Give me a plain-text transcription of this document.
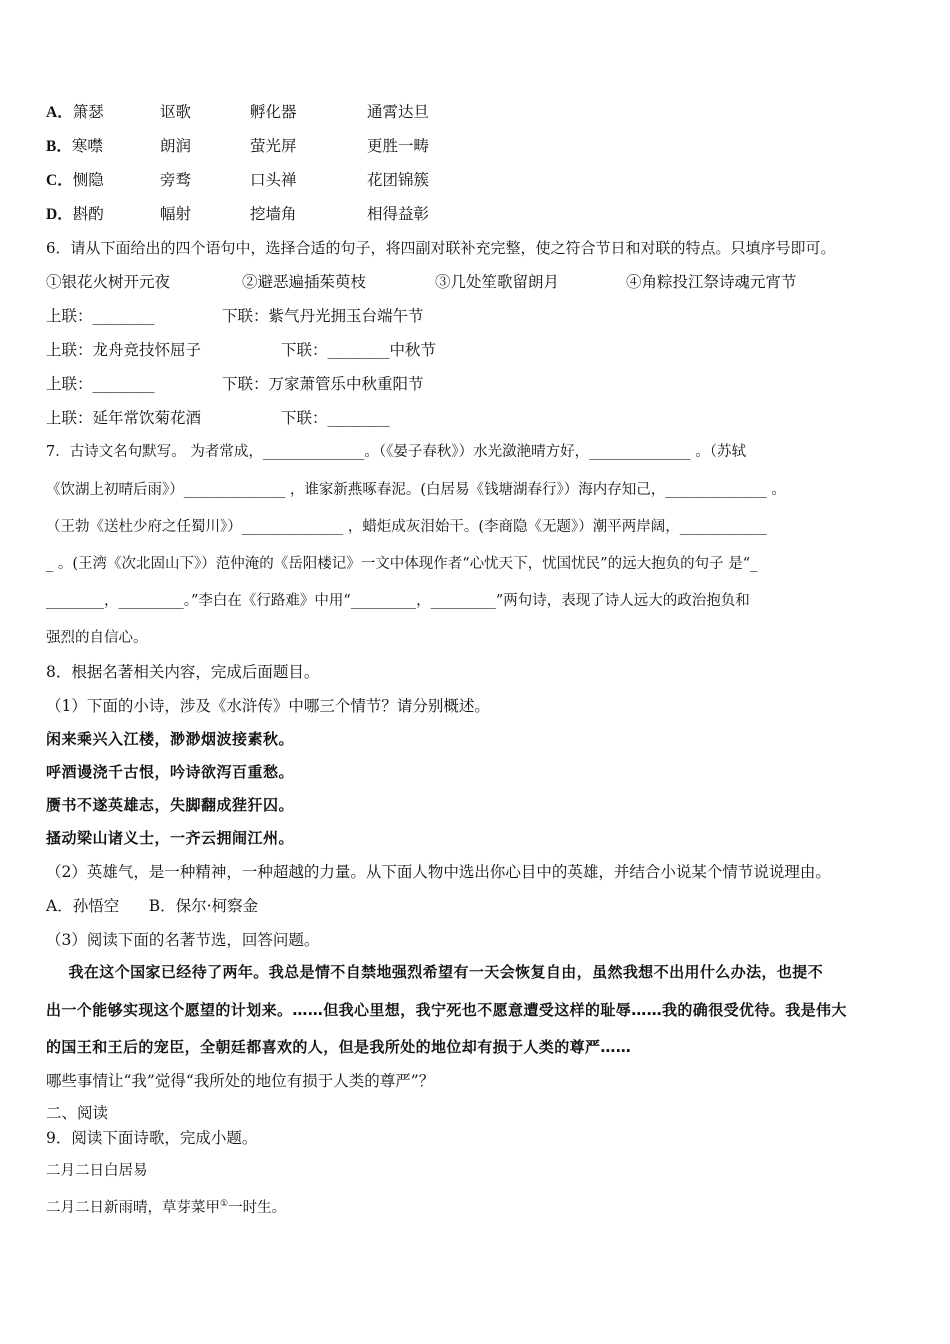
A．箫瑟	讴歌	孵化器	通霄达旦
B．寒噤	朗润	萤光屏	更胜一畴
C．恻隐	旁骛	口头禅	花团锦簇
D．斟酌	幅射	挖墙角	相得益彰
6．请从下面给出的四个语句中，选择合适的句子，将四副对联补充完整，使之符合节日和对联的特点。只填序号即可。
①银花火树开元夜	②避恶遍插茱萸枝	③几处笙歌留朗月	④角粽投江祭诗魂元宵节
上联：________	下联：紫气丹光拥玉台端午节
上联：龙舟竞技怀屈子	下联：________中秋节
上联：________	下联：万家萧管乐中秋重阳节
上联：延年常饮菊花酒	下联：________
7．古诗文名句默写。 为者常成，______________。（《晏子春秋》）水光潋滟晴方好，______________ 。（苏轼
《饮湖上初晴后雨》）______________ ，谁家新燕啄春泥。(白居易《钱塘湖春行》）海内存知己，______________ 。
（王勃《送杜少府之任蜀川》）______________ ，蜡炬成灰泪始干。(李商隐《无题》）潮平两岸阔，____________
_ 。(王湾《次北固山下》）范仲淹的《岳阳楼记》一文中体现作者“心忧天下，忧国忧民”的远大抱负的句子 是“_
________，_________。”李白在《行路难》中用“_________，_________”两句诗，表现了诗人远大的政治抱负和
强烈的自信心。
8．根据名著相关内容，完成后面题目。
（1）下面的小诗，涉及《水浒传》中哪三个情节？请分别概述。
闲来乘兴入江楼，渺渺烟波接素秋。
呼酒谩浇千古恨，吟诗欲泻百重愁。
赝书不遂英雄志，失脚翻成狴犴囚。
搔动梁山诸义士，一齐云拥闹江州。
（2）英雄气，是一种精神，一种超越的力量。从下面人物中选出你心目中的英雄，并结合小说某个情节说说理由。
A．孙悟空      B．保尔·柯察金
（3）阅读下面的名著节选，回答问题。
我在这个国家已经待了两年。我总是情不自禁地强烈希望有一天会恢复自由，虽然我想不出用什么办法，也提不
出一个能够实现这个愿望的计划来。……但我心里想，我宁死也不愿意遭受这样的耻辱……我的确很受优待。我是伟大
的国王和王后的宠臣，全朝廷都喜欢的人，但是我所处的地位却有损于人类的尊严……
哪些事情让“我”觉得“我所处的地位有损于人类的尊严”？
二、阅读
9．阅读下面诗歌，完成小题。
二月二日白居易
二月二日新雨晴，草芽菜甲①一时生。
